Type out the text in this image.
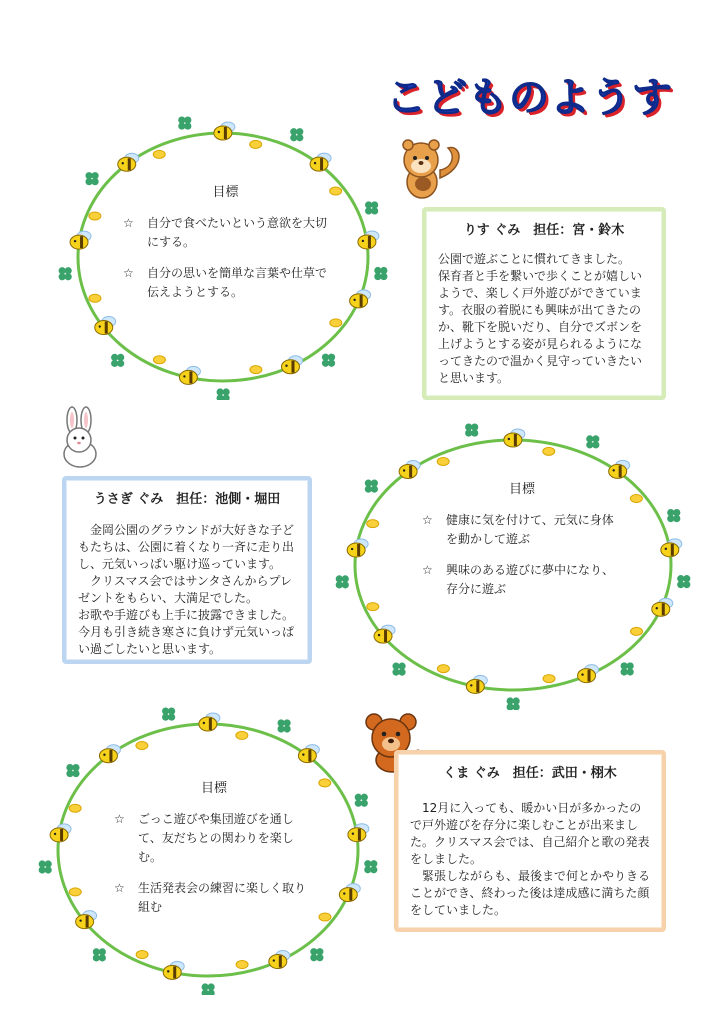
こどものようす
目標
☆	自分で食べたいという意欲を大切にする。
☆	自分の思いを簡単な言葉や仕草で伝えようとする。
りす ぐみ　担任：宮・鈴木
公園で遊ぶことに慣れてきました。
保育者と手を繋いで歩くことが嬉しいようで、楽しく戸外遊びができています。衣服の着脱にも興味が出てきたのか、靴下を脱いだり、自分でズボンを上げようとする姿が見られるようになってきたので温かく見守っていきたいと思います。
うさぎ ぐみ　担任：池側・堀田
　金岡公園のグラウンドが大好きな子どもたちは、公園に着くなり一斉に走り出し、元気いっぱい駆け巡っています。
　クリスマス会ではサンタさんからプレゼントをもらい、大満足でした。
お歌や手遊びも上手に披露できました。
今月も引き続き寒さに負けず元気いっぱい過ごしたいと思います。
目標
☆	健康に気を付けて、元気に身体を動かして遊ぶ
☆	興味のある遊びに夢中になり、存分に遊ぶ
目標
☆	ごっこ遊びや集団遊びを通して、友だちとの関わりを楽しむ。
☆	生活発表会の練習に楽しく取り組む
くま ぐみ　担任：武田・栩木
　12月に入っても、暖かい日が多かったので戸外遊びを存分に楽しむことが出来ました。クリスマス会では、自己紹介と歌の発表をしました。
　緊張しながらも、最後まで何とかやりきることができ、終わった後は達成感に満ちた顔をしていました。
